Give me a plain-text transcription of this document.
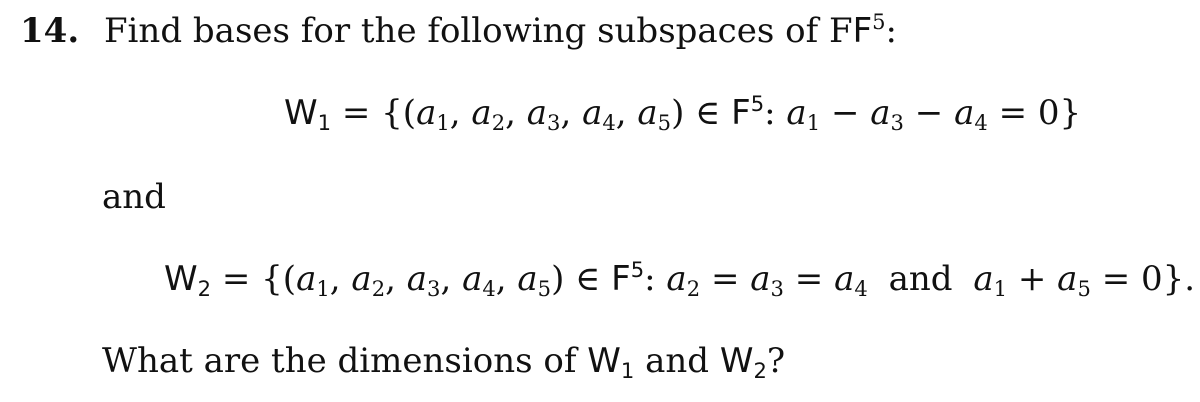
14. Find bases for the following subspaces of $FF^5$:
$W_1 = \{(a_1$, $a_2$, $a_3$, $a_4$, $a_5$) ∈ $F^5$: $a_1 - a_3 - a_4 = 0$}
and
$W_2 = \{(a_1$, $a_2$, $a_3$, $a_4$, $a_5$) ∈ $F^5$: $a_2 = a_3 = a_4$ and $a_1 + a_5 = 0$}.
What are the dimensions of $W_1$ and $W_2$?
